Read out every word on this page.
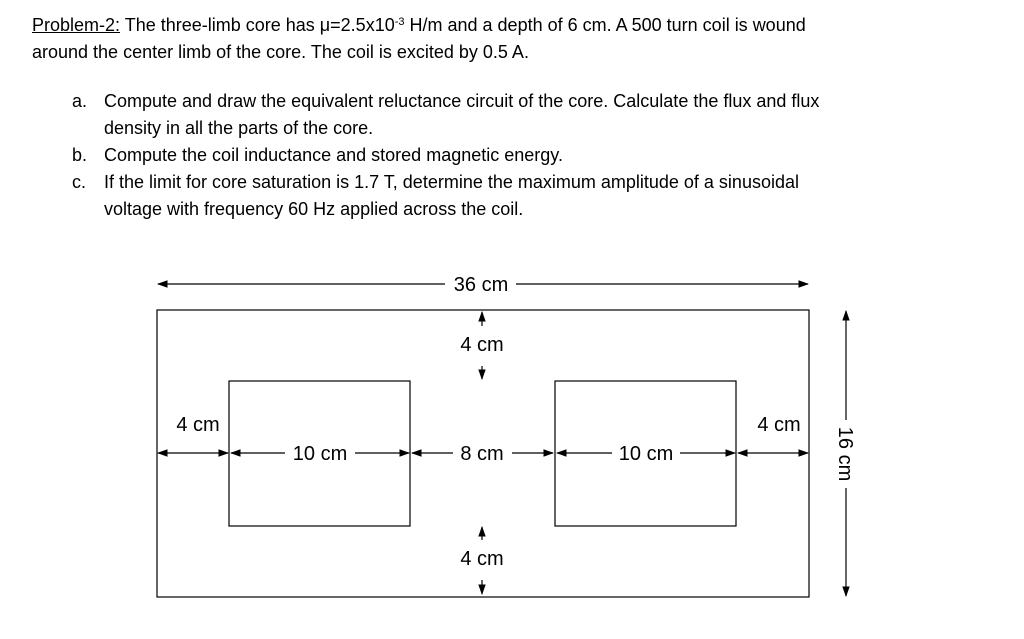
Problem-2: The three-limb core has $\mu=2.5x10^{-3}$ H/m and a depth of 6 cm. A 500 turn coil is wound
around the center limb of the core. The coil is excited by 0.5 A.
a. Compute and draw the equivalent reluctance circuit of the core. Calculate the flux and flux
density in all the parts of the core.
b. Compute the coil inductance and stored magnetic energy.
c. If the limit for core saturation is 1.7 T, determine the maximum amplitude of a sinusoidal
voltage with frequency 60 Hz applied across the coil.
36 cm
4 cm
4 cm
4 cm	4 cm
10 cm	8 cm	10 cm	16 cm
